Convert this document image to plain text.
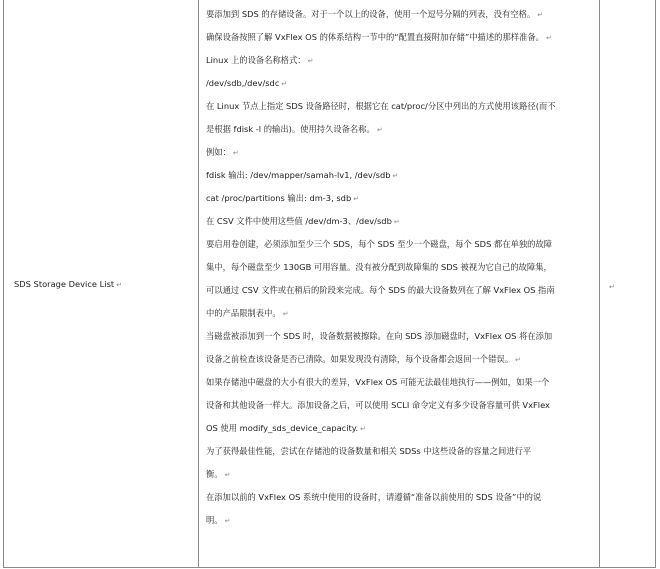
SDS Storage Device List ↵
要添加到 SDS 的存储设备。对于一个以上的设备，使用一个逗号分隔的列表，没有空格。 ↵
确保设备按照了解 VxFlex OS 的体系结构一节中的“配置直接附加存储”中描述的那样准备。 ↵
Linux 上的设备名称格式： ↵
/dev/sdb,/dev/sdc ↵
在 Linux 节点上指定 SDS 设备路径时，根据它在 cat/proc/分区中列出的方式使用该路径(而不
是根据 fdisk -l 的输出)。使用持久设备名称。 ↵
例如： ↵
fdisk 输出: /dev/mapper/samah-lv1, /dev/sdb ↵
cat /proc/partitions 输出: dm-3, sdb ↵
在 CSV 文件中使用这些值 /dev/dm-3、/dev/sdb ↵
要启用卷创建，必须添加至少三个 SDS，每个 SDS 至少一个磁盘，每个 SDS 都在单独的故障
集中，每个磁盘至少 130GB 可用容量。没有被分配到故障集的 SDS 被视为它自己的故障集，
可以通过 CSV 文件或在稍后的阶段来完成。每个 SDS 的最大设备数列在了解 VxFlex OS 指南
中的产品限制表中。 ↵
当磁盘被添加到一个 SDS 时，设备数据被擦除。在向 SDS 添加磁盘时，VxFlex OS 将在添加
设备之前检查该设备是否已清除。如果发现没有清除，每个设备都会返回一个错误。 ↵
如果存储池中磁盘的大小有很大的差异，VxFlex OS 可能无法最佳地执行——例如，如果一个
设备和其他设备一样大。添加设备之后，可以使用 SCLI 命令定义有多少设备容量可供 VxFlex
OS 使用 modify_sds_device_capacity. ↵
为了获得最佳性能，尝试在存储池的设备数量和相关 SDSs 中这些设备的容量之间进行平
衡。 ↵
在添加以前的 VxFlex OS 系统中使用的设备时，请遵循“准备以前使用的 SDS 设备”中的说
明。 ↵
↵
